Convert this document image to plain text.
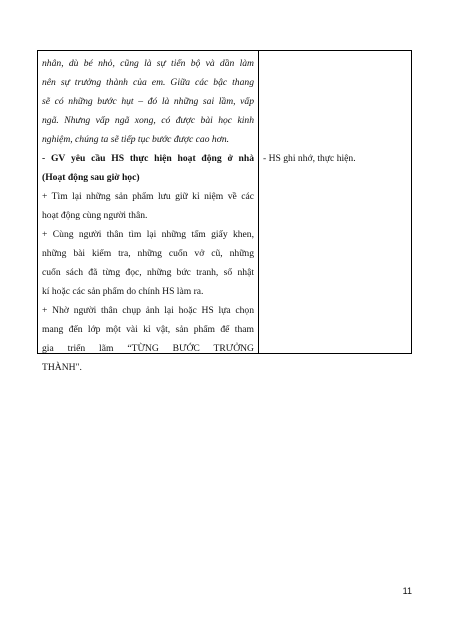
nhân, dù bé nhỏ, cũng là sự tiến bộ và dần làm

nên sự trưởng thành của em. Giữa các bậc thang

sẽ có những bước hụt – đó là những sai lầm, vấp

ngã. Nhưng vấp ngã xong, có được bài học kinh

nghiệm, chúng ta sẽ tiếp tục bước được cao hơn.

- GV yêu cầu HS thực hiện hoạt động ở nhà

(Hoạt động sau giờ học)

+ Tìm lại những sản phẩm lưu giữ kỉ niệm về các

hoạt động cùng người thân.

+ Cùng người thân tìm lại những tấm giấy khen,

những bài kiểm tra, những cuốn vở cũ, những

cuốn sách đã từng đọc, những bức tranh, sổ nhật

kí hoặc các sản phẩm do chính HS làm ra.

+ Nhờ người thân chụp ảnh lại hoặc HS lựa chọn

mang đến lớp một vài kỉ vật, sản phẩm để tham

gia triển lãm “TỪNG BƯỚC TRƯỞNG

THÀNH".

- HS ghi nhớ, thực hiện.
11
